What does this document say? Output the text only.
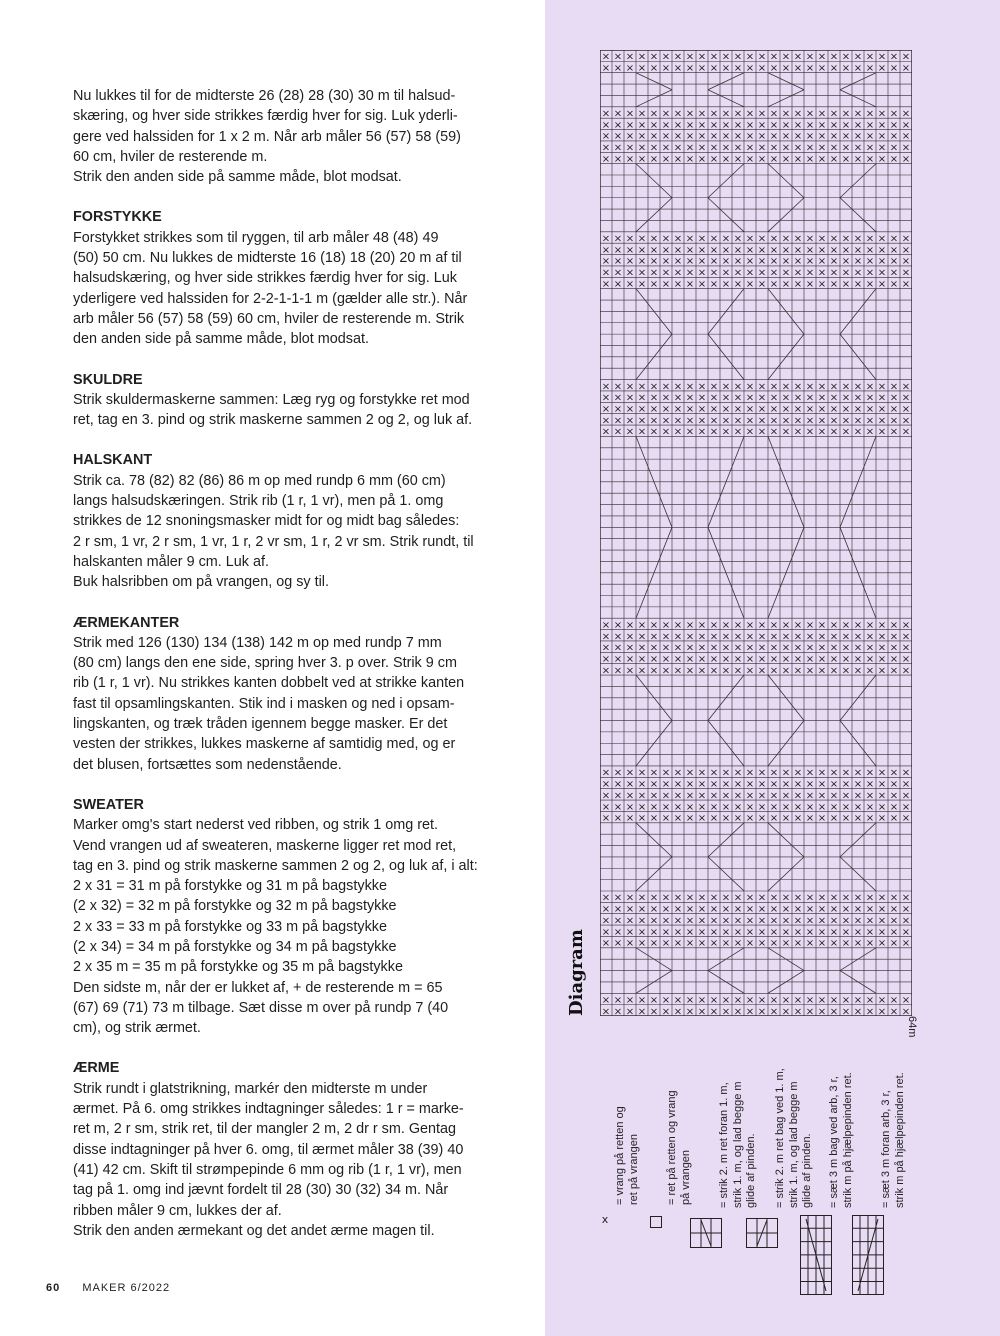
Nu lukkes til for de midterste 26 (28) 28 (30) 30 m til halsud-
skæring, og hver side strikkes færdig hver for sig. Luk yderli-
gere ved halssiden for 1 x 2 m. Når arb måler 56 (57) 58 (59)
60 cm, hviler de resterende m.
Strik den anden side på samme måde, blot modsat.
FORSTYKKE
Forstykket strikkes som til ryggen, til arb måler 48 (48) 49
(50) 50 cm. Nu lukkes de midterste 16 (18) 18 (20) 20 m af til
halsudskæring, og hver side strikkes færdig hver for sig. Luk
yderligere ved halssiden for 2-2-1-1-1 m (gælder alle str.). Når
arb måler 56 (57) 58 (59) 60 cm, hviler de resterende m. Strik
den anden side på samme måde, blot modsat.
SKULDRE
Strik skuldermaskerne sammen: Læg ryg og forstykke ret mod
ret, tag en 3. pind og strik maskerne sammen 2 og 2, og luk af.
HALSKANT
Strik ca. 78 (82) 82 (86) 86 m op med rundp 6 mm (60 cm)
langs halsudskæringen. Strik rib (1 r, 1 vr), men på 1. omg
strikkes de 12 snoningsmasker midt for og midt bag således:
2 r sm, 1 vr, 2 r sm, 1 vr, 1 r, 2 vr sm, 1 r, 2 vr sm. Strik rundt, til
halskanten måler 9 cm. Luk af.
Buk halsribben om på vrangen, og sy til.
ÆRMEKANTER
Strik med 126 (130) 134 (138) 142 m op med rundp 7 mm
(80 cm) langs den ene side, spring hver 3. p over. Strik 9 cm
rib (1 r, 1 vr). Nu strikkes kanten dobbelt ved at strikke kanten
fast til opsamlingskanten. Stik ind i masken og ned i opsam-
lingskanten, og træk tråden igennem begge masker. Er det
vesten der strikkes, lukkes maskerne af samtidig med, og er
det blusen, fortsættes som nedenstående.
SWEATER
Marker omg's start nederst ved ribben, og strik 1 omg ret.
Vend vrangen ud af sweateren, maskerne ligger ret mod ret,
tag en 3. pind og strik maskerne sammen 2 og 2, og luk af, i alt:
2 x 31 = 31 m på forstykke og 31 m på bagstykke
(2 x 32) = 32 m på forstykke og 32 m på bagstykke
2 x 33 = 33 m på forstykke og 33 m på bagstykke
(2 x 34) = 34 m på forstykke og 34 m på bagstykke
2 x 35 m = 35 m på forstykke og 35 m på bagstykke
Den sidste m, når der er lukket af, + de resterende m = 65
(67) 69 (71) 73 m tilbage. Sæt disse m over på rundp 7 (40
cm), og strik ærmet.
ÆRME
Strik rundt i glatstrikning, markér den midterste m under
ærmet. På 6. omg strikkes indtagninger således: 1 r = marke-
ret m, 2 r sm, strik ret, til der mangler 2 m, 2 dr r sm. Gentag
disse indtagninger på hver 6. omg, til ærmet måler 38 (39) 40
(41) 42 cm. Skift til strømpepinde 6 mm og rib (1 r, 1 vr), men
tag på 1. omg ind jævnt fordelt til 28 (30) 30 (32) 34 m. Når
ribben måler 9 cm, lukkes der af.
Strik den anden ærmekant og det andet ærme magen til.
60 MAKER 6/2022
Diagram
64m
× × × × × × × × × × × × × × × × × × × × × × × × × ×
× × × × × × × × × × × × × × × × × × × × × × × × × ×
× × × × × × × × × × × × × × × × × × × × × × × × × ×
× × × × × × × × × × × × × × × × × × × × × × × × × ×
× × × × × × × × × × × × × × × × × × × × × × × × × ×
× × × × × × × × × × × × × × × × × × × × × × × × × ×
× × × × × × × × × × × × × × × × × × × × × × × × × ×
× × × × × × × × × × × × × × × × × × × × × × × × × ×
× × × × × × × × × × × × × × × × × × × × × × × × × ×
× × × × × × × × × × × × × × × × × × × × × × × × × ×
× × × × × × × × × × × × × × × × × × × × × × × × × ×
× × × × × × × × × × × × × × × × × × × × × × × × × ×
× × × × × × × × × × × × × × × × × × × × × × × × × ×
× × × × × × × × × × × × × × × × × × × × × × × × × ×
× × × × × × × × × × × × × × × × × × × × × × × × × ×
× × × × × × × × × × × × × × × × × × × × × × × × × ×
× × × × × × × × × × × × × × × × × × × × × × × × × ×
× × × × × × × × × × × × × × × × × × × × × × × × × ×
× × × × × × × × × × × × × × × × × × × × × × × × × ×
× × × × × × × × × × × × × × × × × × × × × × × × × ×
× × × × × × × × × × × × × × × × × × × × × × × × × ×
× × × × × × × × × × × × × × × × × × × × × × × × × ×
× × × × × × × × × × × × × × × × × × × × × × × × × ×
× × × × × × × × × × × × × × × × × × × × × × × × × ×
× × × × × × × × × × × × × × × × × × × × × × × × × ×
× × × × × × × × × × × × × × × × × × × × × × × × × ×
× × × × × × × × × × × × × × × × × × × × × × × × × ×
× × × × × × × × × × × × × × × × × × × × × × × × × ×
× × × × × × × × × × × × × × × × × × × × × × × × × ×
× × × × × × × × × × × × × × × × × × × × × × × × × ×
× × × × × × × × × × × × × × × × × × × × × × × × × ×
× × × × × × × × × × × × × × × × × × × × × × × × × ×
× × × × × × × × × × × × × × × × × × × × × × × × × ×
× × × × × × × × × × × × × × × × × × × × × × × × × ×
x
= vrang på retten og ret på vrangen = ret på retten og vrang på vrangen = strik 2. m ret foran 1. m, strik 1. m, og lad begge m glide af pinden. = strik 2. m ret bag ved 1. m, strik 1. m, og lad begge m glide af pinden. = sæt 3 m bag ved arb, 3 r, strik m på hjælpepinden ret. = sæt 3 m foran arb, 3 r, strik m på hjælpepinden ret.
